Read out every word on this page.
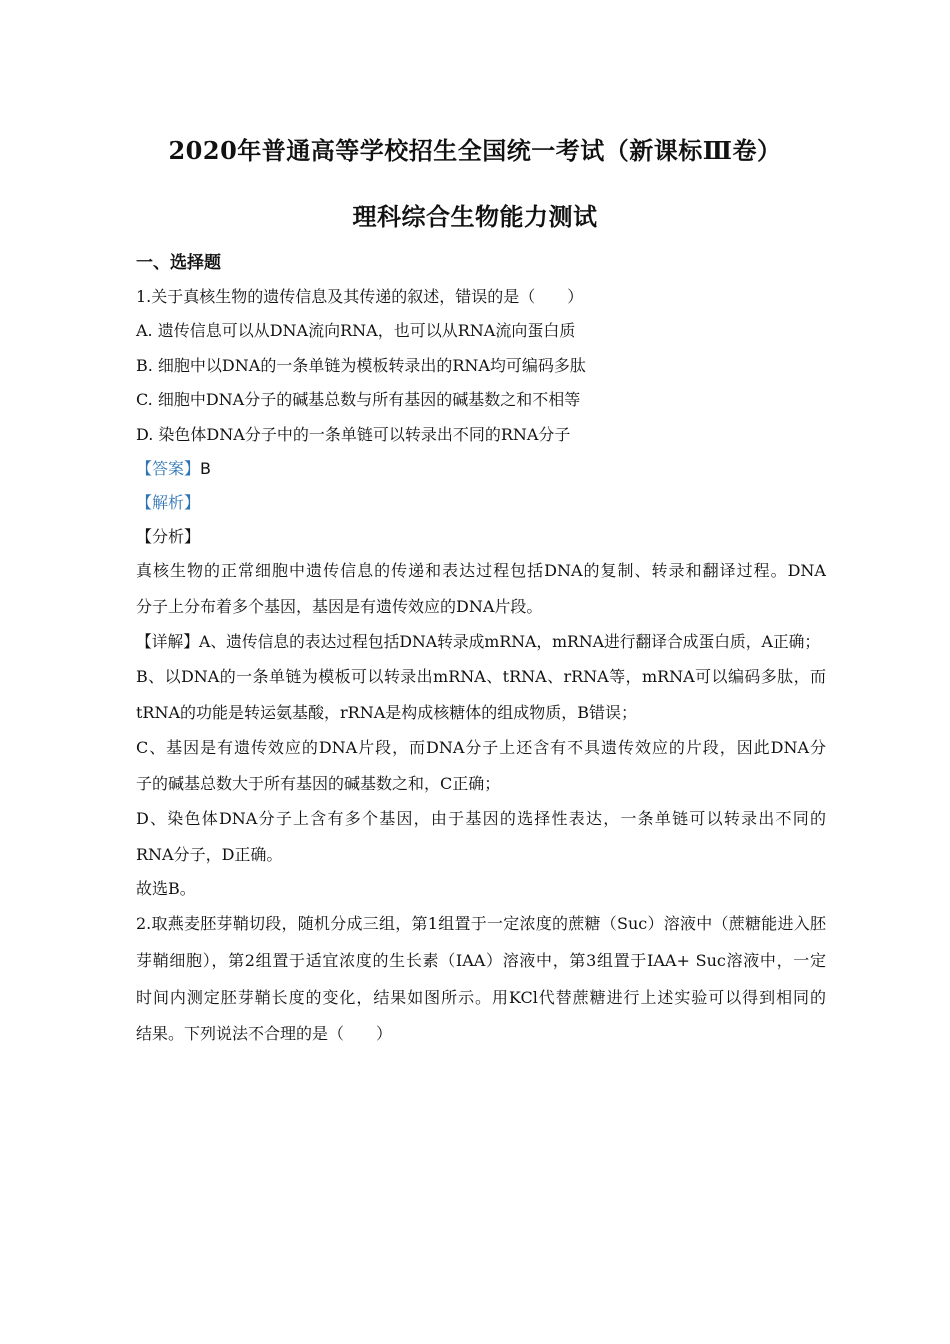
2020年普通高等学校招生全国统一考试（新课标Ⅲ卷）
理科综合生物能力测试
一、选择题
1.关于真核生物的遗传信息及其传递的叙述，错误的是（　　）
A. 遗传信息可以从DNA流向RNA，也可以从RNA流向蛋白质
B. 细胞中以DNA的一条单链为模板转录出的RNA均可编码多肽
C. 细胞中DNA分子的碱基总数与所有基因的碱基数之和不相等
D. 染色体DNA分子中的一条单链可以转录出不同的RNA分子
【答案】B
【解析】
【分析】
真核生物的正常细胞中遗传信息的传递和表达过程包括DNA的复制、转录和翻译过程。DNA
分子上分布着多个基因，基因是有遗传效应的DNA片段。
【详解】A、遗传信息的表达过程包括DNA转录成mRNA，mRNA进行翻译合成蛋白质，A正确；
B、以DNA的一条单链为模板可以转录出mRNA、tRNA、rRNA等，mRNA可以编码多肽，而
tRNA的功能是转运氨基酸，rRNA是构成核糖体的组成物质，B错误；
C、基因是有遗传效应的DNA片段，而DNA分子上还含有不具遗传效应的片段，因此DNA分
子的碱基总数大于所有基因的碱基数之和，C正确；
D、染色体DNA分子上含有多个基因，由于基因的选择性表达，一条单链可以转录出不同的
RNA分子，D正确。
故选B。
2.取燕麦胚芽鞘切段，随机分成三组，第1组置于一定浓度的蔗糖（Suc）溶液中（蔗糖能进入胚
芽鞘细胞），第2组置于适宜浓度的生长素（IAA）溶液中，第3组置于IAA+ Suc溶液中，一定
时间内测定胚芽鞘长度的变化，结果如图所示。用KCl代替蔗糖进行上述实验可以得到相同的
结果。下列说法不合理的是（　　）
